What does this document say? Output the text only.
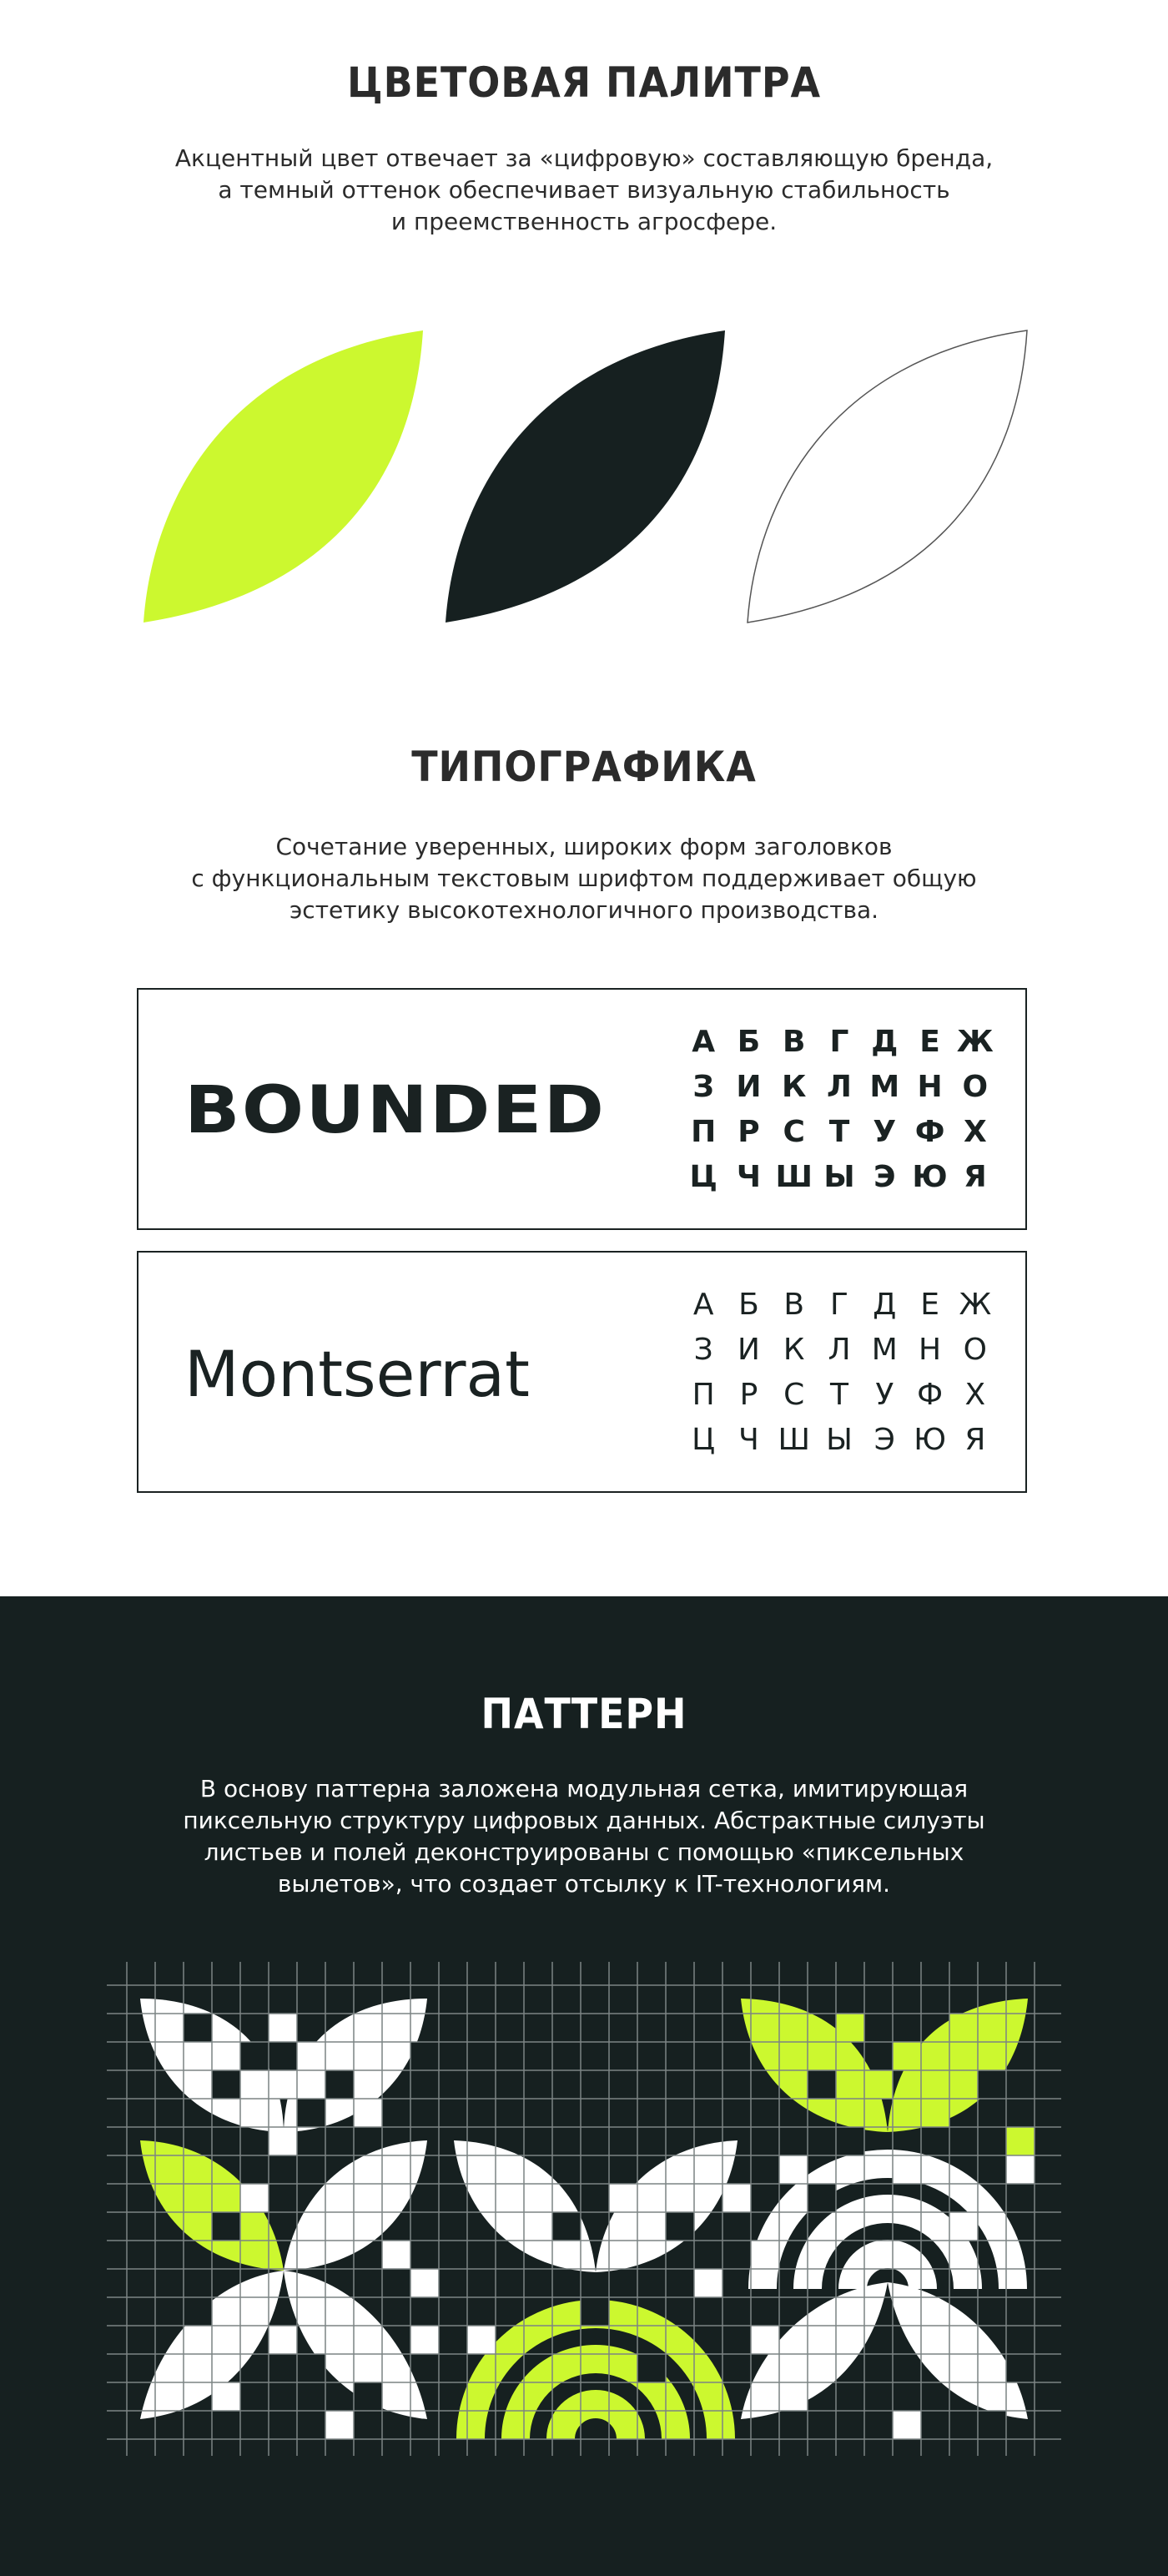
ЦВЕТОВАЯ ПАЛИТРА
Акцентный цвет отвечает за «цифровую» составляющую бренда,
а темный оттенок обеспечивает визуальную стабильность
и преемственность агросфере.
ТИПОГРАФИКА
Сочетание уверенных, широких форм заголовков
с функциональным текстовым шрифтом поддерживает общую
эстетику высокотехнологичного производства.
BOUNDED
А Б В Г Д Е Ж
З И К Л М Н О
П Р С Т У Ф Х
Ц Ч Ш Ы Э Ю Я
Montserrat
А Б В Г Д Е Ж
З И К Л М Н О
П Р С Т У Ф Х
Ц Ч Ш Ы Э Ю Я
ПАТТЕРН
В основу паттерна заложена модульная сетка, имитирующая
пиксельную структуру цифровых данных. Абстрактные силуэты
листьев и полей деконструированы с помощью «пиксельных
вылетов», что создает отсылку к IT-технологиям.
